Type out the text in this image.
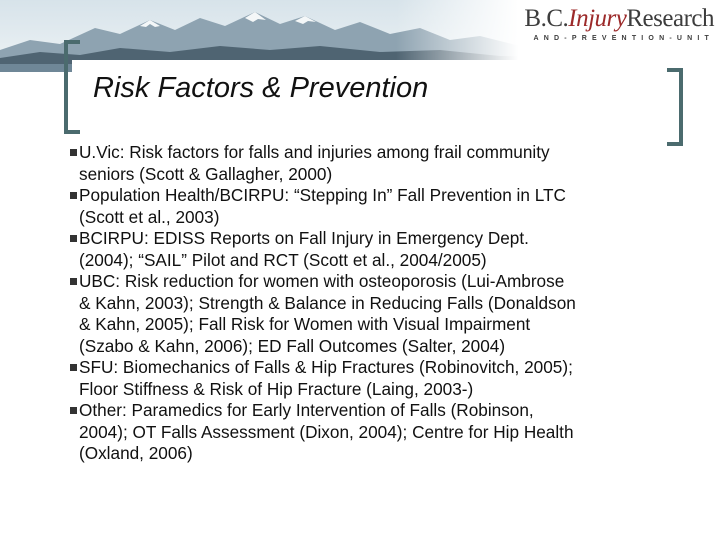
B.C.InjuryResearch
AND-PREVENTION-UNIT
Risk Factors & Prevention
U.Vic: Risk factors for falls and injuries among frail community
seniors (Scott & Gallagher, 2000)
Population Health/BCIRPU: “Stepping In” Fall Prevention in LTC
(Scott et al., 2003)
BCIRPU: EDISS Reports on Fall Injury in Emergency Dept.
(2004); “SAIL” Pilot and RCT (Scott et al., 2004/2005)
UBC: Risk reduction for women with osteoporosis (Lui-Ambrose
& Kahn, 2003); Strength & Balance in Reducing Falls (Donaldson
& Kahn, 2005); Fall Risk for Women with Visual Impairment
(Szabo & Kahn, 2006); ED Fall Outcomes (Salter, 2004)
SFU: Biomechanics of Falls & Hip Fractures (Robinovitch, 2005);
Floor Stiffness & Risk of Hip Fracture (Laing, 2003-)
Other: Paramedics for Early Intervention of Falls (Robinson,
2004); OT Falls Assessment (Dixon, 2004); Centre for Hip Health
(Oxland, 2006)
